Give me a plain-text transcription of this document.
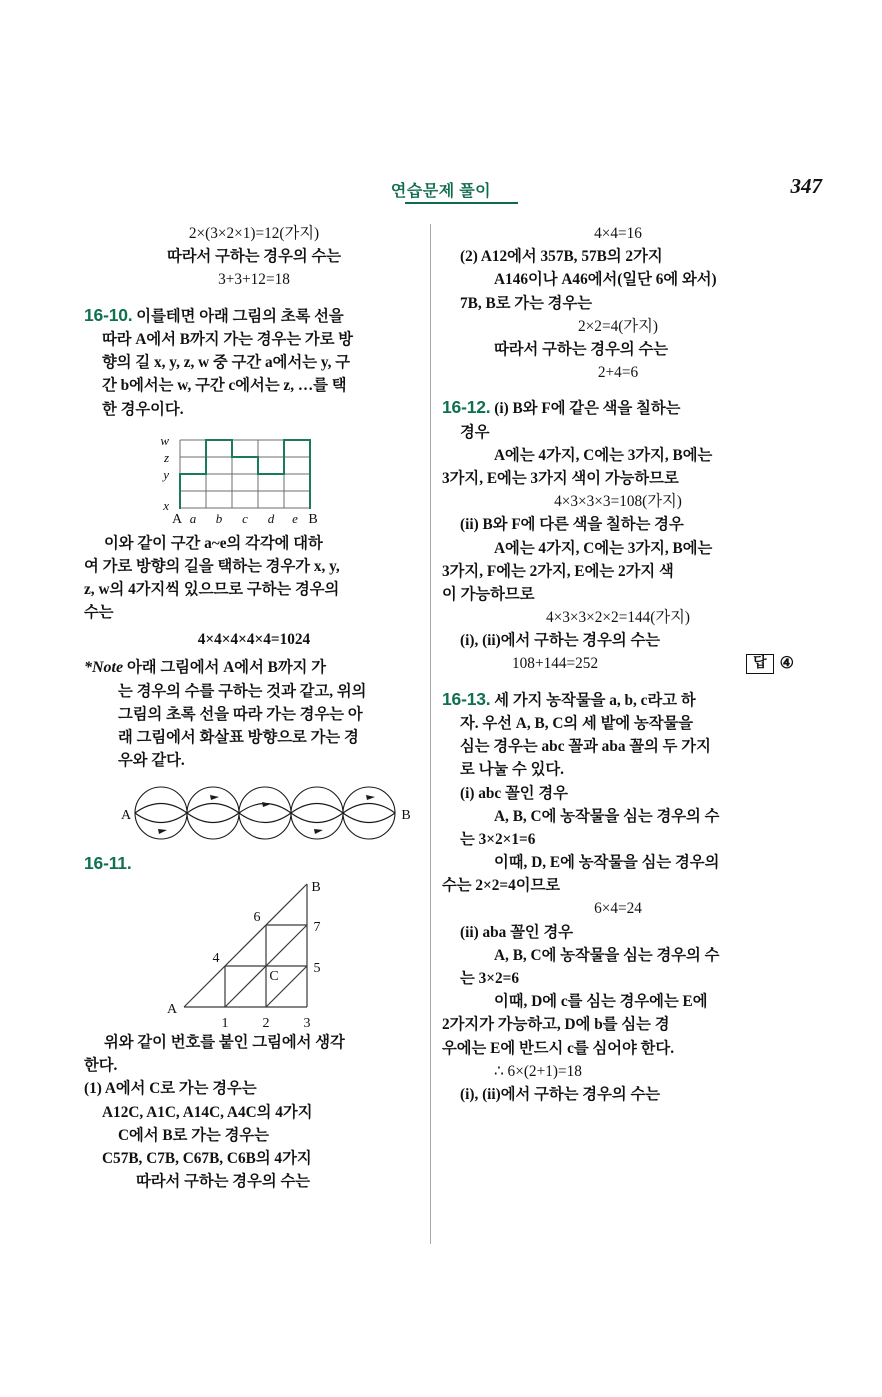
연습문제 풀이	347
2×(3×2×1)=12(가지)
따라서 구하는 경우의 수는
3+3+12=18
16-10. 이를테면 아래 그림의 초록 선을
따라 A에서 B까지 가는 경우는 가로 방
향의 길 x, y, z, w 중 구간 a에서는 y, 구
간 b에서는 w, 구간 c에서는 z, …를 택
한 경우이다.
w
z
y
x
A a b c d e B
이와 같이 구간 a~e의 각각에 대하
여 가로 방향의 길을 택하는 경우가 x, y,
z, w의 4가지씩 있으므로 구하는 경우의
수는
4×4×4×4×4=1024
*Note 아래 그림에서 A에서 B까지 가
는 경우의 수를 구하는 것과 같고, 위의
그림의 초록 선을 따라 가는 경우는 아
래 그림에서 화살표 방향으로 가는 경
우와 같다.
A	B
16-11.
A
B
C
1 2 3
4
5
6
7
위와 같이 번호를 붙인 그림에서 생각
한다.
(1) A에서 C로 가는 경우는
A12C, A1C, A14C, A4C의 4가지
C에서 B로 가는 경우는
C57B, C7B, C67B, C6B의 4가지
따라서 구하는 경우의 수는
4×4=16
(2) A12에서 357B, 57B의 2가지
A146이나 A46에서(일단 6에 와서)
7B, B로 가는 경우는
2×2=4(가지)
따라서 구하는 경우의 수는
2+4=6
16-12. (i) B와 F에 같은 색을 칠하는
경우
A에는 4가지, C에는 3가지, B에는
3가지, E에는 3가지 색이 가능하므로
4×3×3×3=108(가지)
(ii) B와 F에 다른 색을 칠하는 경우
A에는 4가지, C에는 3가지, B에는
3가지, F에는 2가지, E에는 2가지 색
이 가능하므로
4×3×3×2×2=144(가지)
(i), (ii)에서 구하는 경우의 수는
108+144=252	답 ④
16-13. 세 가지 농작물을 a, b, c라고 하
자. 우선 A, B, C의 세 밭에 농작물을
심는 경우는 abc 꼴과 aba 꼴의 두 가지
로 나눌 수 있다.
(i) abc 꼴인 경우
A, B, C에 농작물을 심는 경우의 수
는 3×2×1=6
이때, D, E에 농작물을 심는 경우의
수는 2×2=4이므로
6×4=24
(ii) aba 꼴인 경우
A, B, C에 농작물을 심는 경우의 수
는 3×2=6
이때, D에 c를 심는 경우에는 E에
2가지가 가능하고, D에 b를 심는 경
우에는 E에 반드시 c를 심어야 한다.
∴ 6×(2+1)=18
(i), (ii)에서 구하는 경우의 수는
